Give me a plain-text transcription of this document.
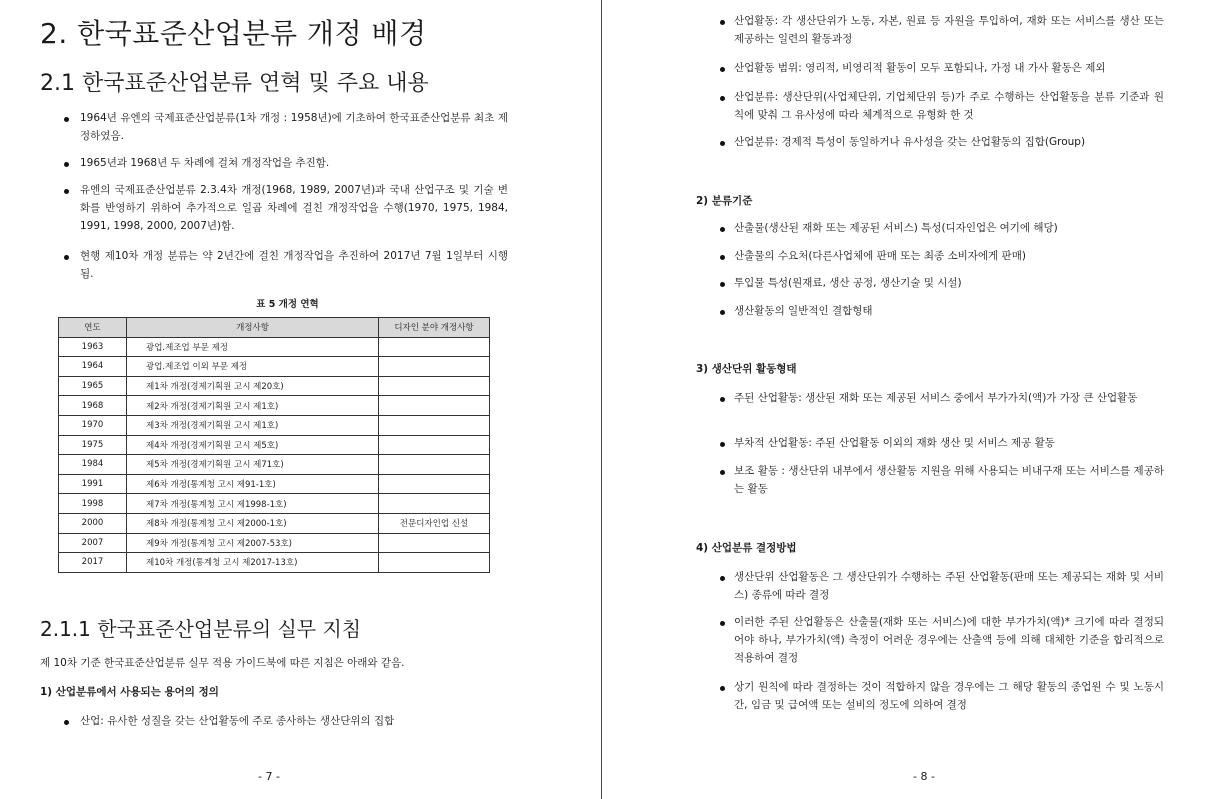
2. 한국표준산업분류 개정 배경
2.1 한국표준산업분류 연혁 및 주요 내용
1964년 유엔의 국제표준산업분류(1차 개정 : 1958년)에 기초하여 한국표준산업분류 최초 제정하였음.
1965년과 1968년 두 차례에 걸쳐 개정작업을 추진함.
유엔의 국제표준산업분류 2.3.4차 개정(1968, 1989, 2007년)과 국내 산업구조 및 기술 변화를 반영하기 위하여 추가적으로 일곱 차례에 걸친 개정작업을 수행(1970, 1975, 1984, 1991, 1998, 2000, 2007년)함.
현행 제10차 개정 분류는 약 2년간에 걸친 개정작업을 추진하여 2017년 7월 1일부터 시행됨.
표 5 개정 연혁
연도	개정사항	디자인 분야 개정사항
1963	광업.제조업 부문 제정	
1964	광업.제조업 이외 부문 제정	
1965	제1차 개정(경제기획원 고시 제20호)	
1968	제2차 개정(경제기획원 고시 제1호)	
1970	제3차 개정(경제기획원 고시 제1호)	
1975	제4차 개정(경제기획원 고시 제5호)	
1984	제5차 개정(경제기획원 고시 제71호)	
1991	제6차 개정(통계청 고시 제91-1호)	
1998	제7차 개정(통계청 고시 제1998-1호)	
2000	제8차 개정(통계청 고시 제2000-1호)	전문디자인업 신설
2007	제9차 개정(통계청 고시 제2007-53호)	
2017	제10차 개정(통계청 고시 제2017-13호)	
2.1.1 한국표준산업분류의 실무 지침
제 10차 기준 한국표준산업분류 실무 적용 가이드북에 따른 지침은 아래와 같음.
1) 산업분류에서 사용되는 용어의 정의
산업: 유사한 성질을 갖는 산업활동에 주로 종사하는 생산단위의 집합
- 7 -
산업활동: 각 생산단위가 노동, 자본, 원료 등 자원을 투입하여, 재화 또는 서비스를 생산 또는 제공하는 일련의 활동과정
산업활동 범위: 영리적, 비영리적 활동이 모두 포함되나, 가정 내 가사 활동은 제외
산업분류: 생산단위(사업체단위, 기업체단위 등)가 주로 수행하는 산업활동을 분류 기준과 원칙에 맞춰 그 유사성에 따라 체계적으로 유형화 한 것
산업분류: 경제적 특성이 동일하거나 유사성을 갖는 산업활동의 집합(Group)
2) 분류기준
산출물(생산된 재화 또는 제공된 서비스) 특성(디자인업은 여기에 해당)
산출물의 수요처(다른사업체에 판매 또는 최종 소비자에게 판매)
투입물 특성(원재료, 생산 공정, 생산기술 및 시설)
생산활동의 일반적인 결합형태
3) 생산단위 활동형태
주된 산업활동: 생산된 재화 또는 제공된 서비스 중에서 부가가치(액)가 가장 큰 산업활동
부차적 산업활동: 주된 산업활동 이외의 재화 생산 및 서비스 제공 활동
보조 활동 : 생산단위 내부에서 생산활동 지원을 위해 사용되는 비내구재 또는 서비스를 제공하는 활동
4) 산업분류 결정방법
생산단위 산업활동은 그 생산단위가 수행하는 주된 산업활동(판매 또는 제공되는 재화 및 서비스) 종류에 따라 결정
이러한 주된 산업활동은 산출물(재화 또는 서비스)에 대한 부가가치(액)* 크기에 따라 결정되어야 하나, 부가가치(액) 측정이 어려운 경우에는 산출액 등에 의해 대체한 기준을 합리적으로 적용하여 결정
상기 원칙에 따라 결정하는 것이 적합하지 않을 경우에는 그 해당 활동의 종업원 수 및 노동시간, 임금 및 급여액 또는 설비의 정도에 의하여 결정
- 8 -
